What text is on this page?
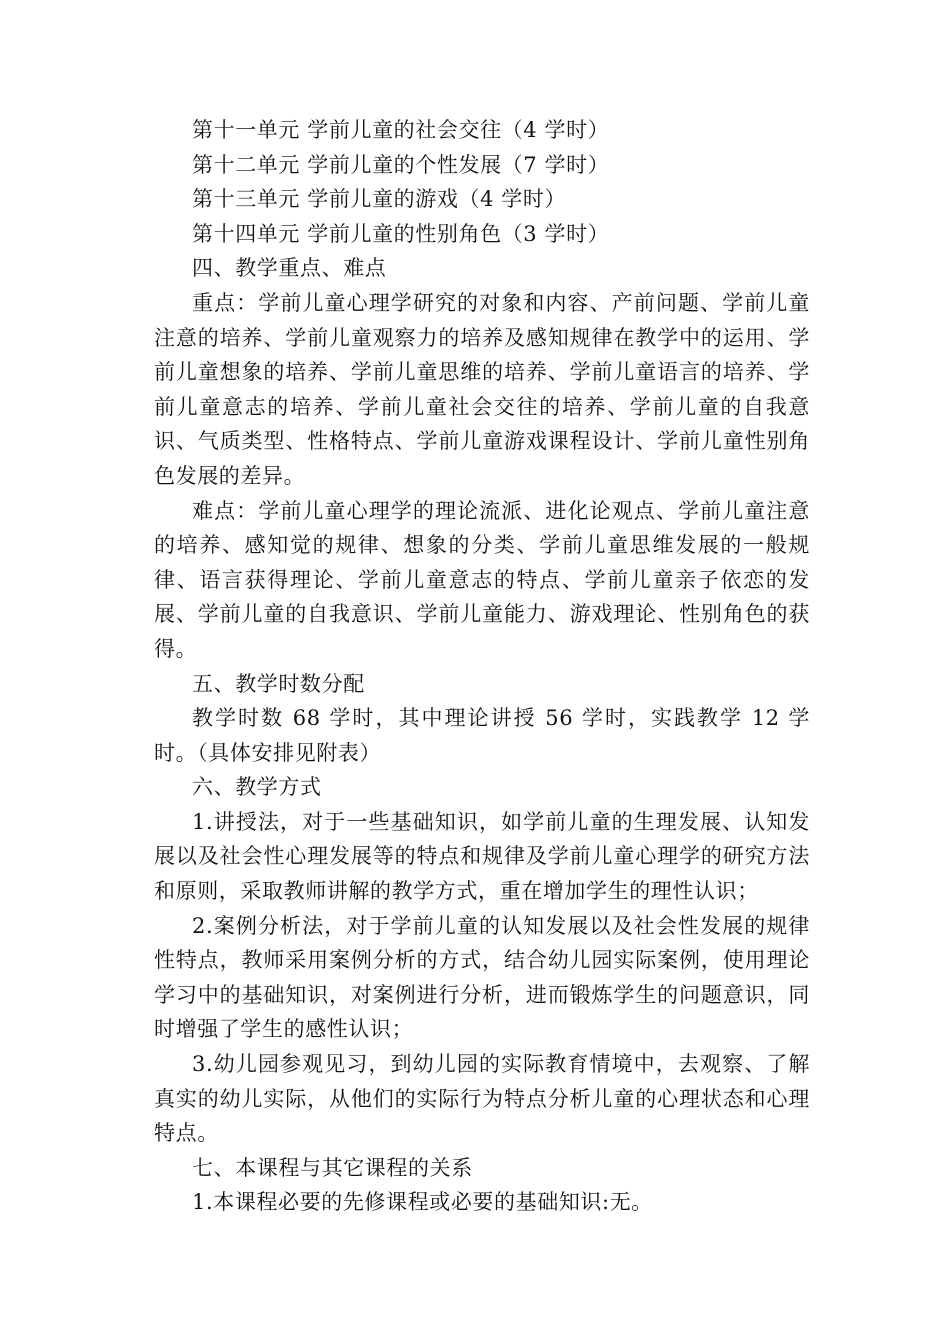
第十一单元 学前儿童的社会交往（4 学时）

第十二单元 学前儿童的个性发展（7 学时）

第十三单元 学前儿童的游戏（4 学时）

第十四单元 学前儿童的性别角色（3 学时）

四、教学重点、难点

重点：学前儿童心理学研究的对象和内容、产前问题、学前儿童注意的培养、学前儿童观察力的培养及感知规律在教学中的运用、学前儿童想象的培养、学前儿童思维的培养、学前儿童语言的培养、学前儿童意志的培养、学前儿童社会交往的培养、学前儿童的自我意识、气质类型、性格特点、学前儿童游戏课程设计、学前儿童性别角色发展的差异。

难点：学前儿童心理学的理论流派、进化论观点、学前儿童注意的培养、感知觉的规律、想象的分类、学前儿童思维发展的一般规律、语言获得理论、学前儿童意志的特点、学前儿童亲子依恋的发展、学前儿童的自我意识、学前儿童能力、游戏理论、性别角色的获得。

五、教学时数分配

教学时数 68 学时，其中理论讲授 56 学时，实践教学 12 学时。（具体安排见附表）

六、教学方式

1.讲授法，对于一些基础知识，如学前儿童的生理发展、认知发展以及社会性心理发展等的特点和规律及学前儿童心理学的研究方法和原则，采取教师讲解的教学方式，重在增加学生的理性认识；

2.案例分析法，对于学前儿童的认知发展以及社会性发展的规律性特点，教师采用案例分析的方式，结合幼儿园实际案例，使用理论学习中的基础知识，对案例进行分析，进而锻炼学生的问题意识，同时增强了学生的感性认识；

3.幼儿园参观见习，到幼儿园的实际教育情境中，去观察、了解真实的幼儿实际，从他们的实际行为特点分析儿童的心理状态和心理特点。

七、本课程与其它课程的关系

1.本课程必要的先修课程或必要的基础知识:无。
